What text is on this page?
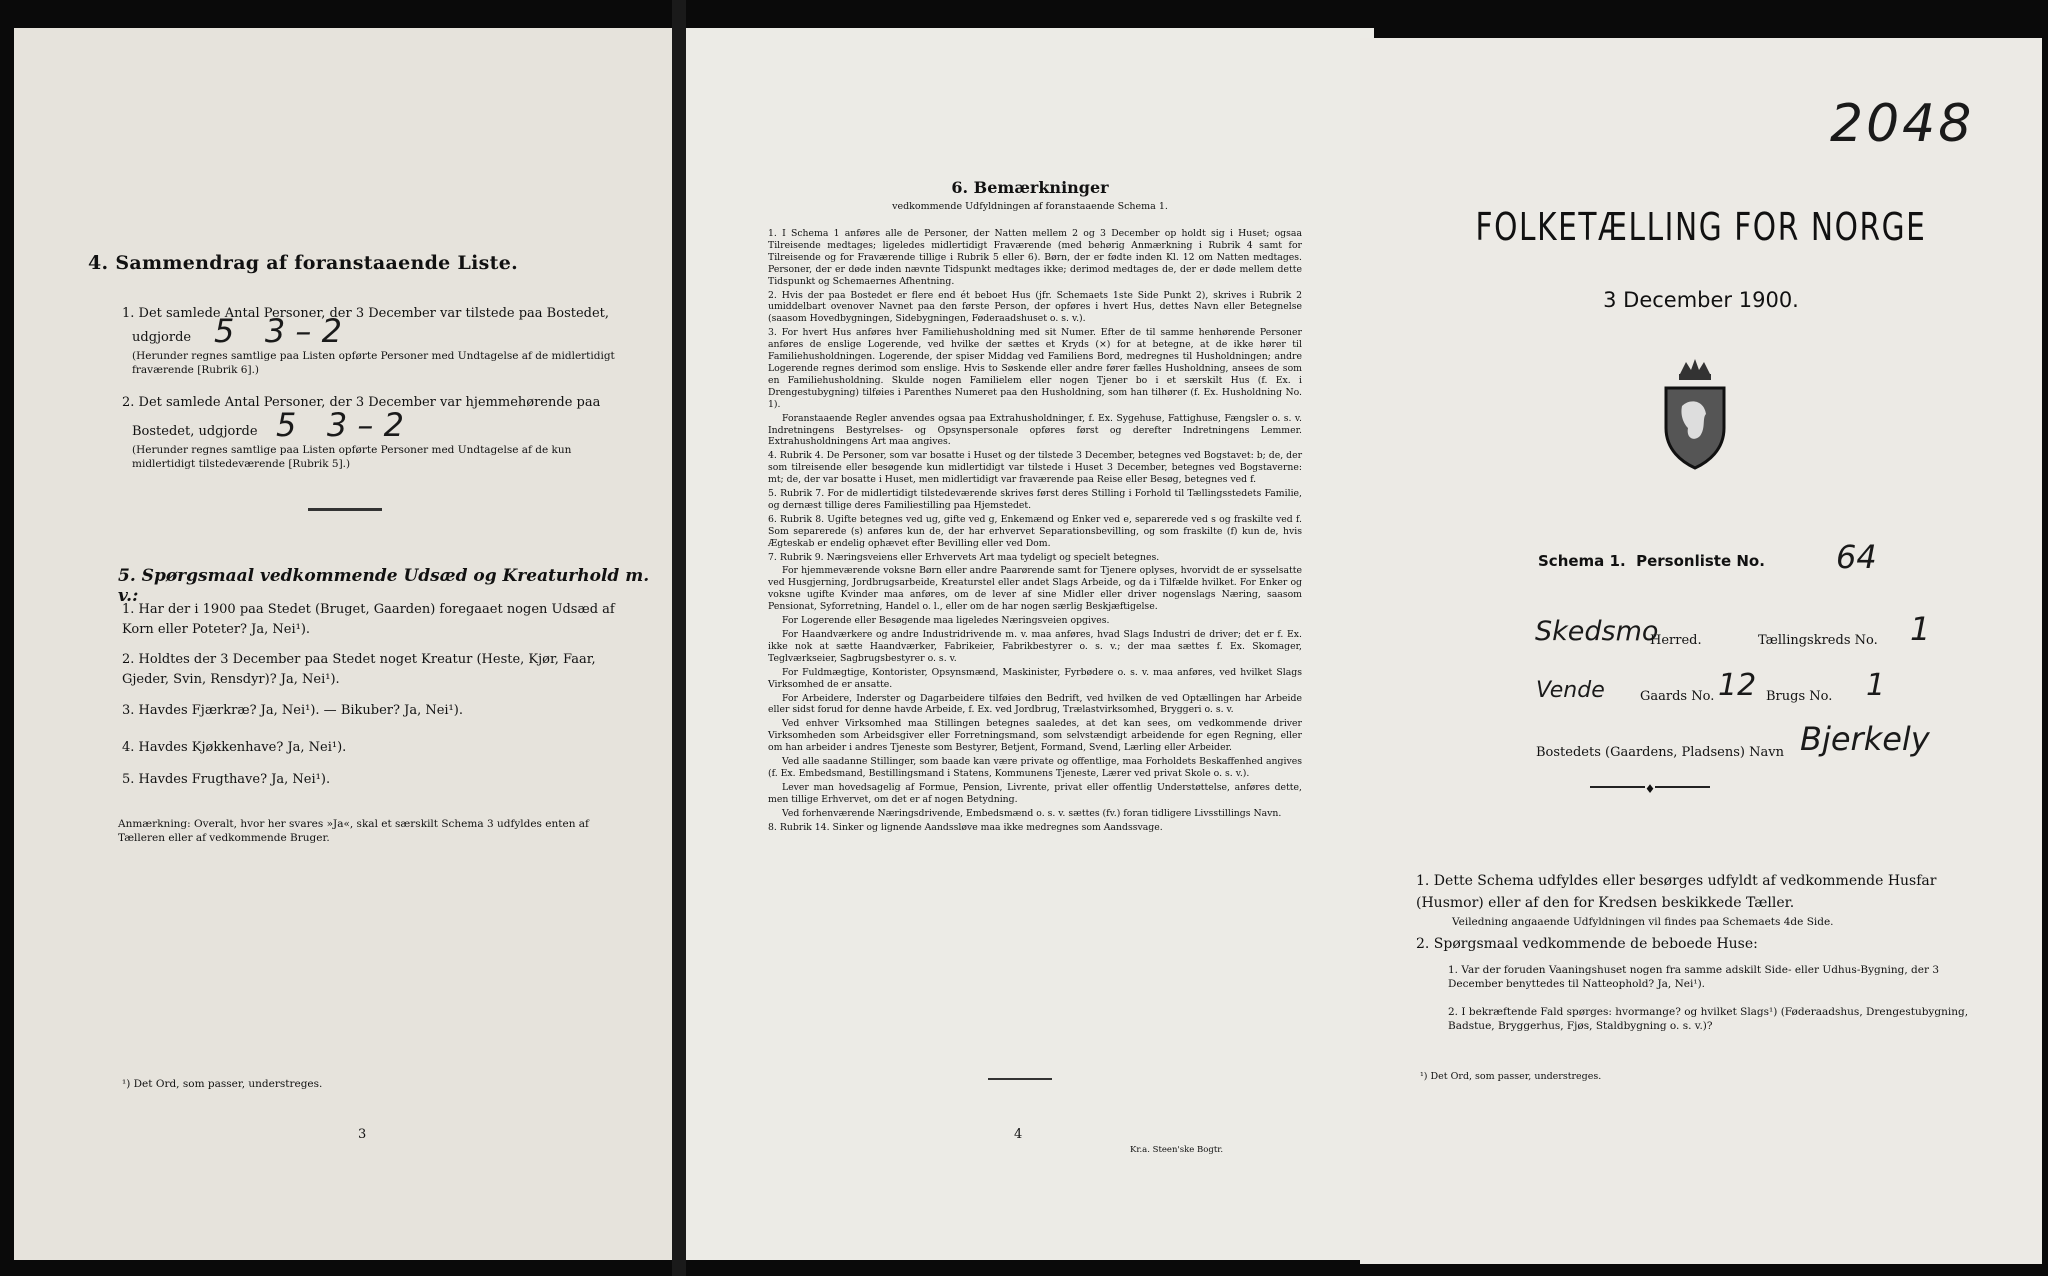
4. Sammendrag af foranstaaende Liste.
1. Det samlede Antal Personer, der 3 December var tilstede paa Bostedet,
udgjorde 5   3 – 2
(Herunder regnes samtlige paa Listen opførte Personer med Undtagelse af de midlertidigt fraværende [Rubrik 6].)
2. Det samlede Antal Personer, der 3 December var hjemmehørende paa
Bostedet, udgjorde 5   3 – 2
(Herunder regnes samtlige paa Listen opførte Personer med Undtagelse af de kun midlertidigt tilstedeværende [Rubrik 5].)
5. Spørgsmaal vedkommende Udsæd og Kreaturhold m. v.:
1. Har der i 1900 paa Stedet (Bruget, Gaarden) foregaaet nogen Udsæd af Korn eller Poteter? Ja, Nei¹).
2. Holdtes der 3 December paa Stedet noget Kreatur (Heste, Kjør, Faar, Gjeder, Svin, Rensdyr)? Ja, Nei¹).
3. Havdes Fjærkræ? Ja, Nei¹). — Bikuber? Ja, Nei¹).
4. Havdes Kjøkkenhave? Ja, Nei¹).
5. Havdes Frugthave? Ja, Nei¹).
Anmærkning: Overalt, hvor her svares »Ja«, skal et særskilt Schema 3 udfyldes enten af Tælleren eller af vedkommende Bruger.
¹) Det Ord, som passer, understreges.
3
6. Bemærkninger
vedkommende Udfyldningen af foranstaaende Schema 1.
1. I Schema 1 anføres alle de Personer, der Natten mellem 2 og 3 December op holdt sig i Huset; ogsaa Tilreisende medtages; ligeledes midlertidigt Fraværende (med behørig Anmærkning i Rubrik 4 samt for Tilreisende og for Fraværende tillige i Rubrik 5 eller 6). Børn, der er fødte inden Kl. 12 om Natten medtages. Personer, der er døde inden nævnte Tidspunkt medtages ikke; derimod medtages de, der er døde mellem dette Tidspunkt og Schemaernes Afhentning.
2. Hvis der paa Bostedet er flere end ét beboet Hus (jfr. Schemaets 1ste Side Punkt 2), skrives i Rubrik 2 umiddelbart ovenover Navnet paa den første Person, der opføres i hvert Hus, dettes Navn eller Betegnelse (saasom Hovedbygningen, Sidebygningen, Føderaadshuset o. s. v.).
3. For hvert Hus anføres hver Familiehusholdning med sit Numer. Efter de til samme henhørende Personer anføres de enslige Logerende, ved hvilke der sættes et Kryds (×) for at betegne, at de ikke hører til Familiehusholdningen. Logerende, der spiser Middag ved Familiens Bord, medregnes til Husholdningen; andre Logerende regnes derimod som enslige. Hvis to Søskende eller andre fører fælles Husholdning, ansees de som en Familiehusholdning. Skulde nogen Familielem eller nogen Tjener bo i et særskilt Hus (f. Ex. i Drengestubygning) tilføies i Parenthes Numeret paa den Husholdning, som han tilhører (f. Ex. Husholdning No. 1).
Foranstaaende Regler anvendes ogsaa paa Extrahusholdninger, f. Ex. Sygehuse, Fattighuse, Fængsler o. s. v. Indretningens Bestyrelses- og Opsynspersonale opføres først og derefter Indretningens Lemmer. Extrahusholdningens Art maa angives.
4. Rubrik 4. De Personer, som var bosatte i Huset og der tilstede 3 December, betegnes ved Bogstavet: b; de, der som tilreisende eller besøgende kun midlertidigt var tilstede i Huset 3 December, betegnes ved Bogstaverne: mt; de, der var bosatte i Huset, men midlertidigt var fraværende paa Reise eller Besøg, betegnes ved f.
5. Rubrik 7. For de midlertidigt tilstedeværende skrives først deres Stilling i Forhold til Tællingsstedets Familie, og dernæst tillige deres Familiestilling paa Hjemstedet.
6. Rubrik 8. Ugifte betegnes ved ug, gifte ved g, Enkemænd og Enker ved e, separerede ved s og fraskilte ved f. Som separerede (s) anføres kun de, der har erhvervet Separationsbevilling, og som fraskilte (f) kun de, hvis Ægteskab er endelig ophævet efter Bevilling eller ved Dom.
7. Rubrik 9. Næringsveiens eller Erhvervets Art maa tydeligt og specielt betegnes.
For hjemmeværende voksne Børn eller andre Paarørende samt for Tjenere oplyses, hvorvidt de er sysselsatte ved Husgjerning, Jordbrugsarbeide, Kreaturstel eller andet Slags Arbeide, og da i Tilfælde hvilket. For Enker og voksne ugifte Kvinder maa anføres, om de lever af sine Midler eller driver nogenslags Næring, saasom Pensionat, Syforretning, Handel o. l., eller om de har nogen særlig Beskjæftigelse.
For Logerende eller Besøgende maa ligeledes Næringsveien opgives.
For Haandværkere og andre Industridrivende m. v. maa anføres, hvad Slags Industri de driver; det er f. Ex. ikke nok at sætte Haandværker, Fabrikeier, Fabrikbestyrer o. s. v.; der maa sættes f. Ex. Skomager, Teglværkseier, Sagbrugsbestyrer o. s. v.
For Fuldmægtige, Kontorister, Opsynsmænd, Maskinister, Fyrbødere o. s. v. maa anføres, ved hvilket Slags Virksomhed de er ansatte.
For Arbeidere, Inderster og Dagarbeidere tilføies den Bedrift, ved hvilken de ved Optællingen har Arbeide eller sidst forud for denne havde Arbeide, f. Ex. ved Jordbrug, Trælastvirksomhed, Bryggeri o. s. v.
Ved enhver Virksomhed maa Stillingen betegnes saaledes, at det kan sees, om vedkommende driver Virksomheden som Arbeidsgiver eller Forretningsmand, som selvstændigt arbeidende for egen Regning, eller om han arbeider i andres Tjeneste som Bestyrer, Betjent, Formand, Svend, Lærling eller Arbeider.
Ved alle saadanne Stillinger, som baade kan være private og offentlige, maa Forholdets Beskaffenhed angives (f. Ex. Embedsmand, Bestillingsmand i Statens, Kommunens Tjeneste, Lærer ved privat Skole o. s. v.).
Lever man hovedsagelig af Formue, Pension, Livrente, privat eller offentlig Understøttelse, anføres dette, men tillige Erhvervet, om det er af nogen Betydning.
Ved forhenværende Næringsdrivende, Embedsmænd o. s. v. sættes (fv.) foran tidligere Livsstillings Navn.
8. Rubrik 14. Sinker og lignende Aandssløve maa ikke medregnes som Aandssvage.
4
Kr.a. Steen'ske Bogtr.
2048
FOLKETÆLLING FOR NORGE
3 December 1900.
Schema 1.  Personliste No. 64
Skedsmo
Herred.	Tællingskreds No. 1
Vende	Gaards No. 12 Brugs No. 1
Bostedets (Gaardens, Pladsens) Navn Bjerkely
♦
1. Dette Schema udfyldes eller besørges udfyldt af vedkommende Husfar (Husmor) eller af den for Kredsen beskikkede Tæller.
Veiledning angaaende Udfyldningen vil findes paa Schemaets 4de Side.
2. Spørgsmaal vedkommende de beboede Huse:
1. Var der foruden Vaaningshuset nogen fra samme adskilt Side- eller Udhus-Bygning, der 3 December benyttedes til Natteophold? Ja, Nei¹).
2. I bekræftende Fald spørges: hvormange? og hvilket Slags¹) (Føderaadshus, Drengestubygning, Badstue, Bryggerhus, Fjøs, Staldbygning o. s. v.)?
¹) Det Ord, som passer, understreges.
